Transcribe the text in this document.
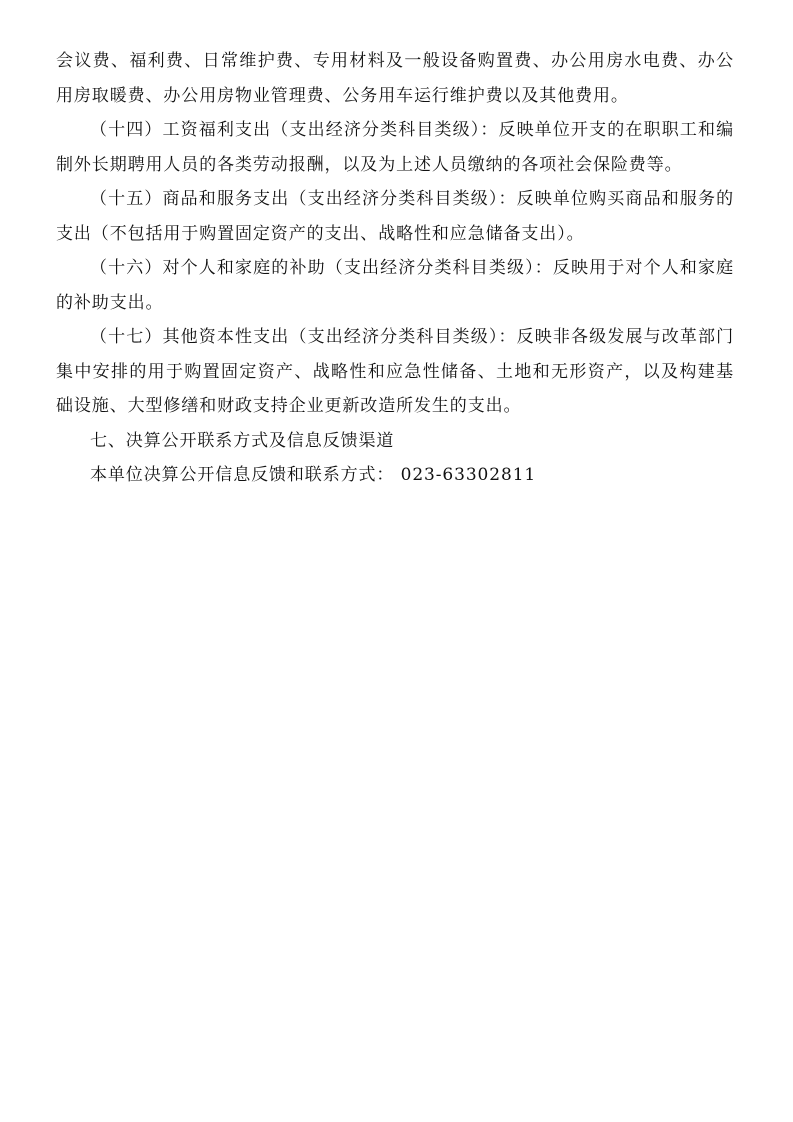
会议费、福利费、日常维护费、专用材料及一般设备购置费、办公用房水电费、办公用房取暖费、办公用房物业管理费、公务用车运行维护费以及其他费用。

（十四）工资福利支出（支出经济分类科目类级）：反映单位开支的在职职工和编制外长期聘用人员的各类劳动报酬，以及为上述人员缴纳的各项社会保险费等。

（十五）商品和服务支出（支出经济分类科目类级）：反映单位购买商品和服务的支出（不包括用于购置固定资产的支出、战略性和应急储备支出）。

（十六）对个人和家庭的补助（支出经济分类科目类级）：反映用于对个人和家庭的补助支出。

（十七）其他资本性支出（支出经济分类科目类级）：反映非各级发展与改革部门集中安排的用于购置固定资产、战略性和应急性储备、土地和无形资产，以及构建基础设施、大型修缮和财政支持企业更新改造所发生的支出。

七、决算公开联系方式及信息反馈渠道

本单位决算公开信息反馈和联系方式： 023-63302811
